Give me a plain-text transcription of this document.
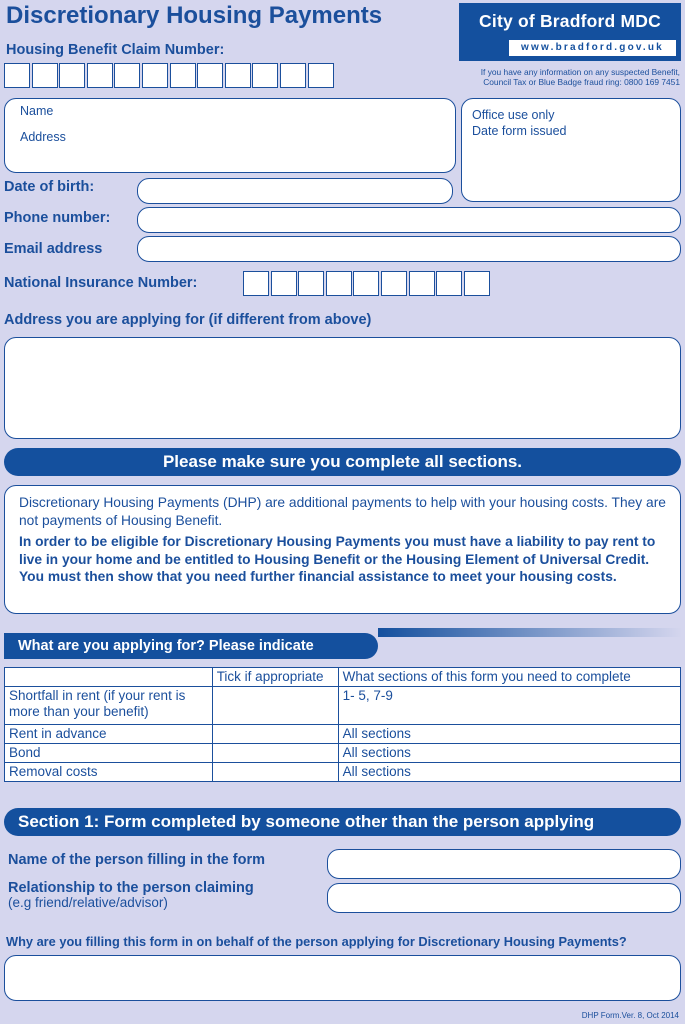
Discretionary Housing Payments	City of Bradford MDC
www.bradford.gov.uk
If you have any information on any suspected Benefit,
Council Tax or Blue Badge fraud ring: 0800 169 7451
Housing Benefit Claim Number:
Name
Address
Office use only
Date form issued
Date of birth:
Phone number:
Email address
National Insurance Number:
Address you are applying for (if different from above)
Please make sure you complete all sections.

Discretionary Housing Payments (DHP) are additional payments to help with your housing costs. They are not payments of Housing Benefit.

In order to be eligible for Discretionary Housing Payments you must have a liability to pay rent to live in your home and be entitled to Housing Benefit or the Housing Element of Universal Credit. You must then show that you need further financial assistance to meet your housing costs.

What are you applying for? Please indicate
	Tick if appropriate	What sections of this form you need to complete
Shortfall in rent (if your rent is more than your benefit)		1- 5, 7-9
Rent in advance		All sections
Bond		All sections
Removal costs		All sections
Section 1: Form completed by someone other than the person applying
Name of the person filling in the form
Relationship to the person claiming
(e.g friend/relative/advisor)
Why are you filling this form in on behalf of the person applying for Discretionary Housing Payments?
DHP Form.Ver. 8, Oct 2014
